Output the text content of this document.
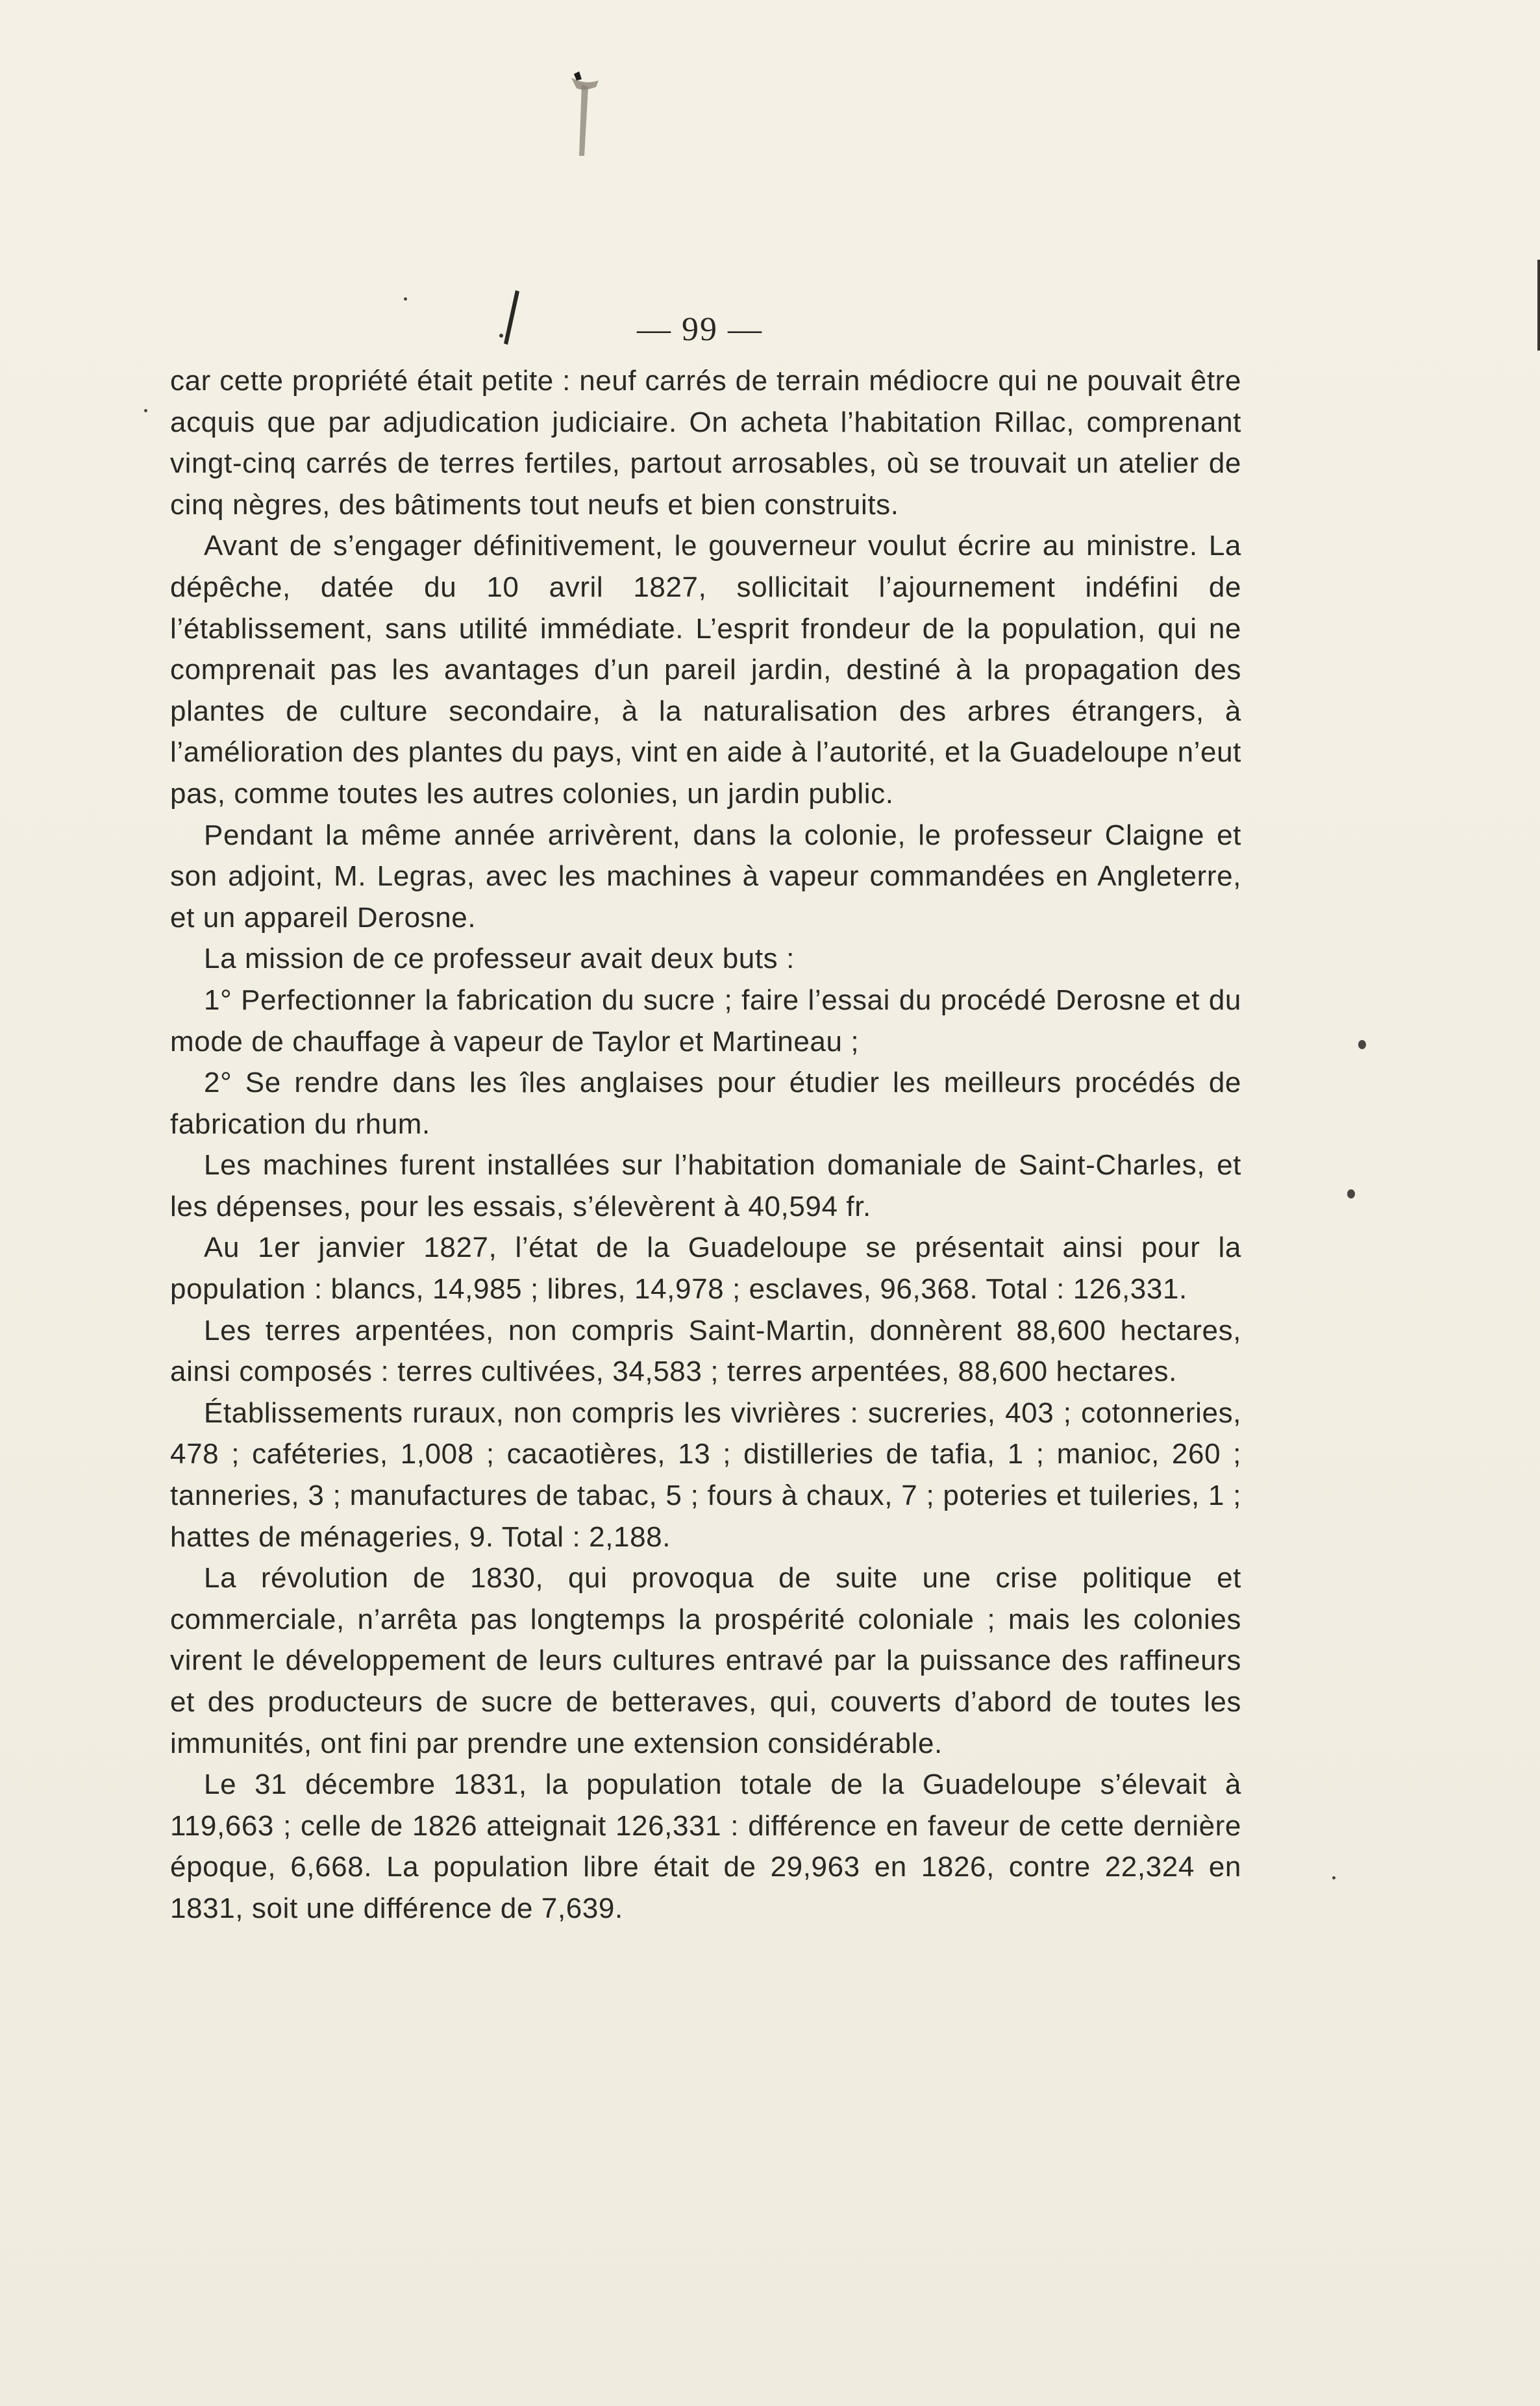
— 99 —

car cette propriété était petite : neuf carrés de terrain médiocre qui ne pouvait être acquis que par adjudication judiciaire. On acheta l’habitation Rillac, comprenant vingt-cinq carrés de terres fertiles, partout arrosables, où se trouvait un atelier de cinq nègres, des bâtiments tout neufs et bien construits.

Avant de s’engager définitivement, le gouverneur voulut écrire au ministre. La dépêche, datée du 10 avril 1827, sollicitait l’ajournement indéfini de l’établissement, sans utilité immédiate. L’esprit frondeur de la population, qui ne comprenait pas les avantages d’un pareil jardin, destiné à la propagation des plantes de culture secondaire, à la naturalisation des arbres étrangers, à l’amélioration des plantes du pays, vint en aide à l’autorité, et la Guadeloupe n’eut pas, comme toutes les autres colonies, un jardin public.

Pendant la même année arrivèrent, dans la colonie, le professeur Claigne et son adjoint, M. Legras, avec les machines à vapeur commandées en Angleterre, et un appareil Derosne.

La mission de ce professeur avait deux buts :

1° Perfectionner la fabrication du sucre ; faire l’essai du procédé Derosne et du mode de chauffage à vapeur de Taylor et Martineau ;

2° Se rendre dans les îles anglaises pour étudier les meilleurs procédés de fabrication du rhum.

Les machines furent installées sur l’habitation domaniale de Saint-Charles, et les dépenses, pour les essais, s’élevèrent à 40,594 fr.

Au 1er janvier 1827, l’état de la Guadeloupe se présentait ainsi pour la population : blancs, 14,985 ; libres, 14,978 ; esclaves, 96,368. Total : 126,331.

Les terres arpentées, non compris Saint-Martin, donnèrent 88,600 hectares, ainsi composés : terres cultivées, 34,583 ; terres arpentées, 88,600 hectares.

Établissements ruraux, non compris les vivrières : sucreries, 403 ; cotonneries, 478 ; caféteries, 1,008 ; cacaotières, 13 ; distilleries de tafia, 1 ; manioc, 260 ; tanneries, 3 ; manufactures de tabac, 5 ; fours à chaux, 7 ; poteries et tuileries, 1 ; hattes de ménageries, 9. Total : 2,188.

La révolution de 1830, qui provoqua de suite une crise politique et commerciale, n’arrêta pas longtemps la prospérité coloniale ; mais les colonies virent le développement de leurs cultures entravé par la puissance des raffineurs et des producteurs de sucre de betteraves, qui, couverts d’abord de toutes les immunités, ont fini par prendre une extension considérable.

Le 31 décembre 1831, la population totale de la Guadeloupe s’élevait à 119,663 ; celle de 1826 atteignait 126,331 : différence en faveur de cette dernière époque, 6,668. La population libre était de 29,963 en 1826, contre 22,324 en 1831, soit une différence de 7,639.
